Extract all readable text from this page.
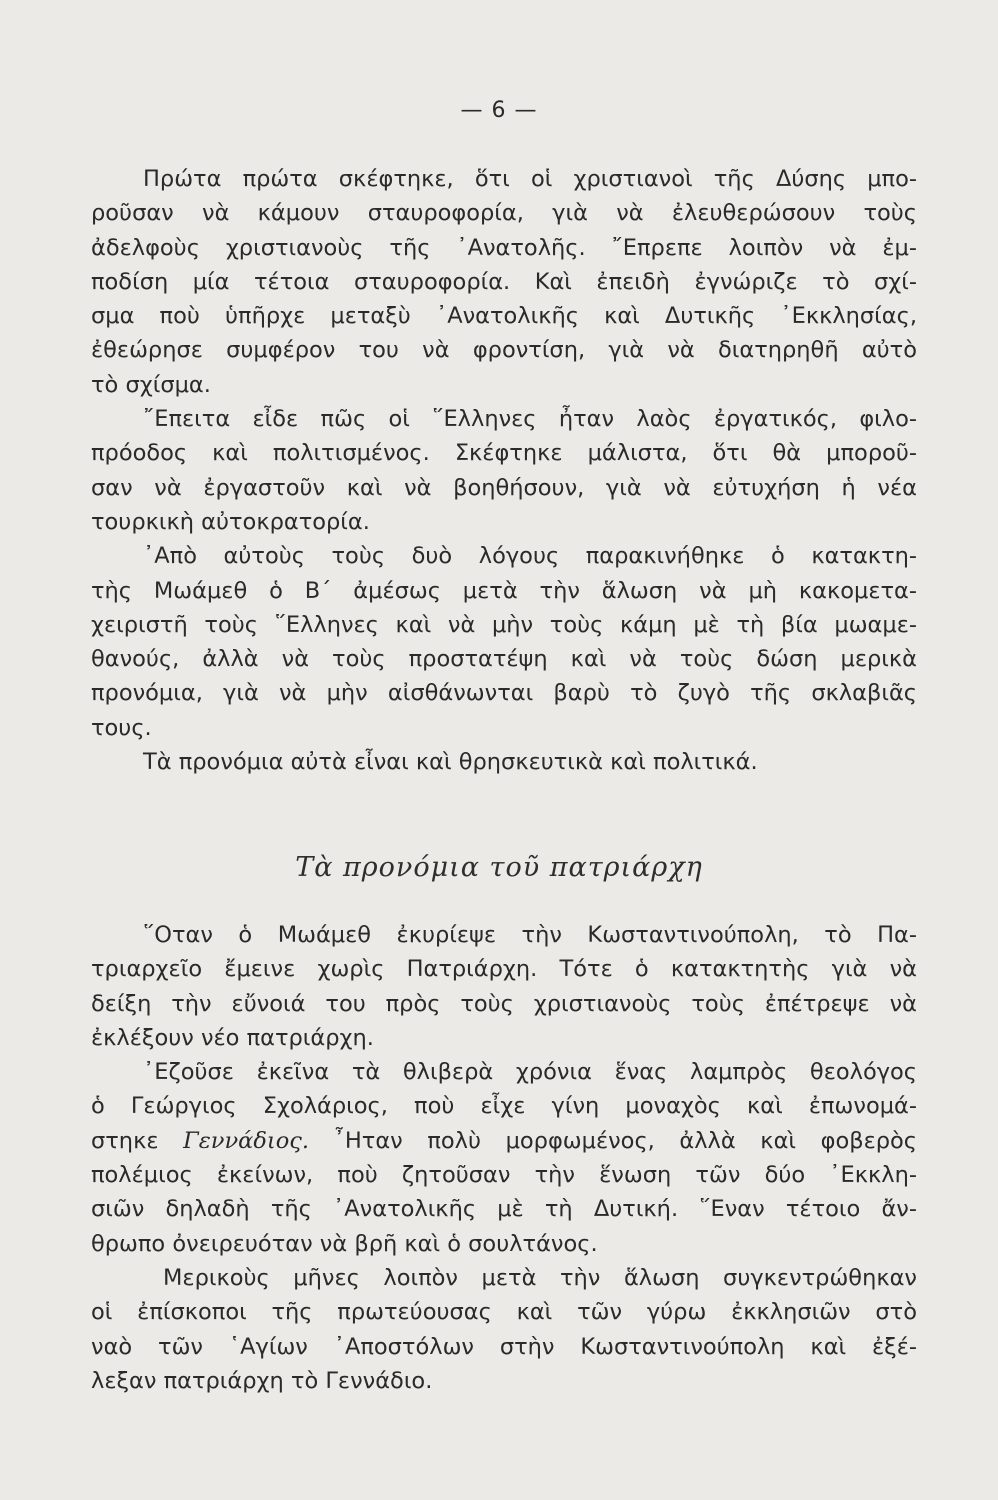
— 6 —
Πρώτα πρώτα σκέφτηκε, ὅτι οἱ χριστιανοὶ τῆς Δύσης μπο-
ροῦσαν νὰ κάμουν σταυροφορία, γιὰ νὰ ἐλευθερώσουν τοὺς
ἀδελφοὺς χριστιανοὺς τῆς ᾿Ανατολῆς. ῎Επρεπε λοιπὸν νὰ ἐμ-
ποδίση μία τέτοια σταυροφορία. Καὶ ἐπειδὴ ἐγνώριζε τὸ σχί-
σμα ποὺ ὑπῆρχε μεταξὺ ᾿Ανατολικῆς καὶ Δυτικῆς ᾿Εκκλησίας,
ἐθεώρησε συμφέρον του νὰ φροντίση, γιὰ νὰ διατηρηθῆ αὐτὸ
τὸ σχίσμα.
῎Επειτα εἶδε πῶς οἱ ῞Ελληνες ἦταν λαὸς ἐργατικός, φιλο-
πρόοδος καὶ πολιτισμένος. Σκέφτηκε μάλιστα, ὅτι θὰ μποροῦ-
σαν νὰ ἐργαστοῦν καὶ νὰ βοηθήσουν, γιὰ νὰ εὐτυχήση ἡ νέα
τουρκικὴ αὐτοκρατορία.
᾿Απὸ αὐτοὺς τοὺς δυὸ λόγους παρακινήθηκε ὁ κατακτη-
τὴς Μωάμεθ ὁ Β΄ ἀμέσως μετὰ τὴν ἅλωση νὰ μὴ κακομετα-
χειριστῆ τοὺς ῞Ελληνες καὶ νὰ μὴν τοὺς κάμη μὲ τὴ βία μωαμε-
θανούς, ἀλλὰ νὰ τοὺς προστατέψη καὶ νὰ τοὺς δώση μερικὰ
προνόμια, γιὰ νὰ μὴν αἰσθάνωνται βαρὺ τὸ ζυγὸ τῆς σκλαβιᾶς
τους.
Τὰ προνόμια αὐτὰ εἶναι καὶ θρησκευτικὰ καὶ πολιτικά.
Τὰ προνόμια τοῦ πατριάρχη
῞Οταν ὁ Μωάμεθ ἐκυρίεψε τὴν Κωσταντινούπολη, τὸ Πα-
τριαρχεῖο ἔμεινε χωρὶς Πατριάρχη. Τότε ὁ κατακτητὴς γιὰ νὰ
δείξη τὴν εὔνοιά του πρὸς τοὺς χριστιανοὺς τοὺς ἐπέτρεψε νὰ
ἐκλέξουν νέο πατριάρχη.
᾿Εζοῦσε ἐκεῖνα τὰ θλιβερὰ χρόνια ἕνας λαμπρὸς θεολόγος
ὁ Γεώργιος Σχολάριος, ποὺ εἶχε γίνη μοναχὸς καὶ ἐπωνομά-
στηκε Γεννάδιος. ῏Ηταν πολὺ μορφωμένος, ἀλλὰ καὶ φοβερὸς
πολέμιος ἐκείνων, ποὺ ζητοῦσαν τὴν ἕνωση τῶν δύο ᾿Εκκλη-
σιῶν δηλαδὴ τῆς ᾿Ανατολικῆς μὲ τὴ Δυτική. ῞Εναν τέτοιο ἄν-
θρωπο ὀνειρευόταν νὰ βρῆ καὶ ὁ σουλτάνος.
Μερικοὺς μῆνες λοιπὸν μετὰ τὴν ἅλωση συγκεντρώθηκαν
οἱ ἐπίσκοποι τῆς πρωτεύουσας καὶ τῶν γύρω ἐκκλησιῶν στὸ
ναὸ τῶν ῾Αγίων ᾿Αποστόλων στὴν Κωσταντινούπολη καὶ ἐξέ-
λεξαν πατριάρχη τὸ Γεννάδιο.
